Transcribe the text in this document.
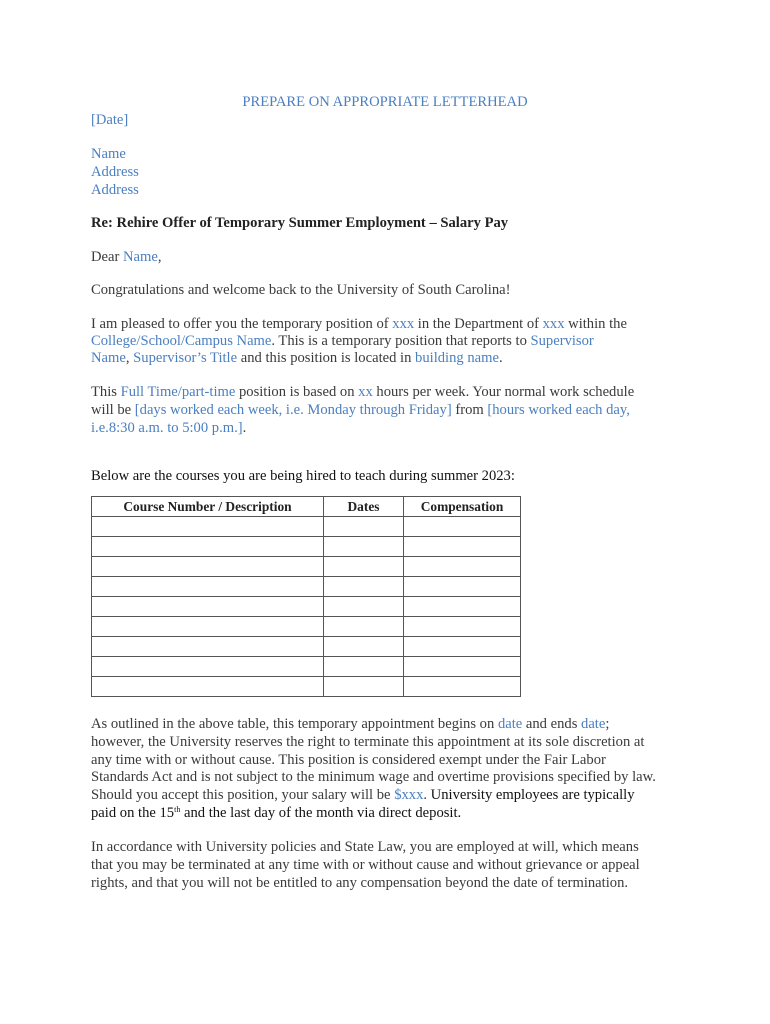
PREPARE ON APPROPRIATE LETTERHEAD
[Date]
Name
Address
Address
Re: Rehire Offer of Temporary Summer Employment – Salary Pay
Dear Name,
Congratulations and welcome back to the University of South Carolina!
I am pleased to offer you the temporary position of xxx in the Department of xxx within the
College/School/Campus Name. This is a temporary position that reports to Supervisor
Name, Supervisor’s Title and this position is located in building name.
This Full Time/part-time position is based on xx hours per week. Your normal work schedule
will be [days worked each week, i.e. Monday through Friday] from [hours worked each day,
i.e.8:30 a.m. to 5:00 p.m.].
Below are the courses you are being hired to teach during summer 2023:
Course Number / Description	Dates	Compensation

As outlined in the above table, this temporary appointment begins on date and ends date;
however, the University reserves the right to terminate this appointment at its sole discretion at
any time with or without cause. This position is considered exempt under the Fair Labor
Standards Act and is not subject to the minimum wage and overtime provisions specified by law.
Should you accept this position, your salary will be $xxx. University employees are typically
paid on the 15th and the last day of the month via direct deposit.
In accordance with University policies and State Law, you are employed at will, which means
that you may be terminated at any time with or without cause and without grievance or appeal
rights, and that you will not be entitled to any compensation beyond the date of termination.
